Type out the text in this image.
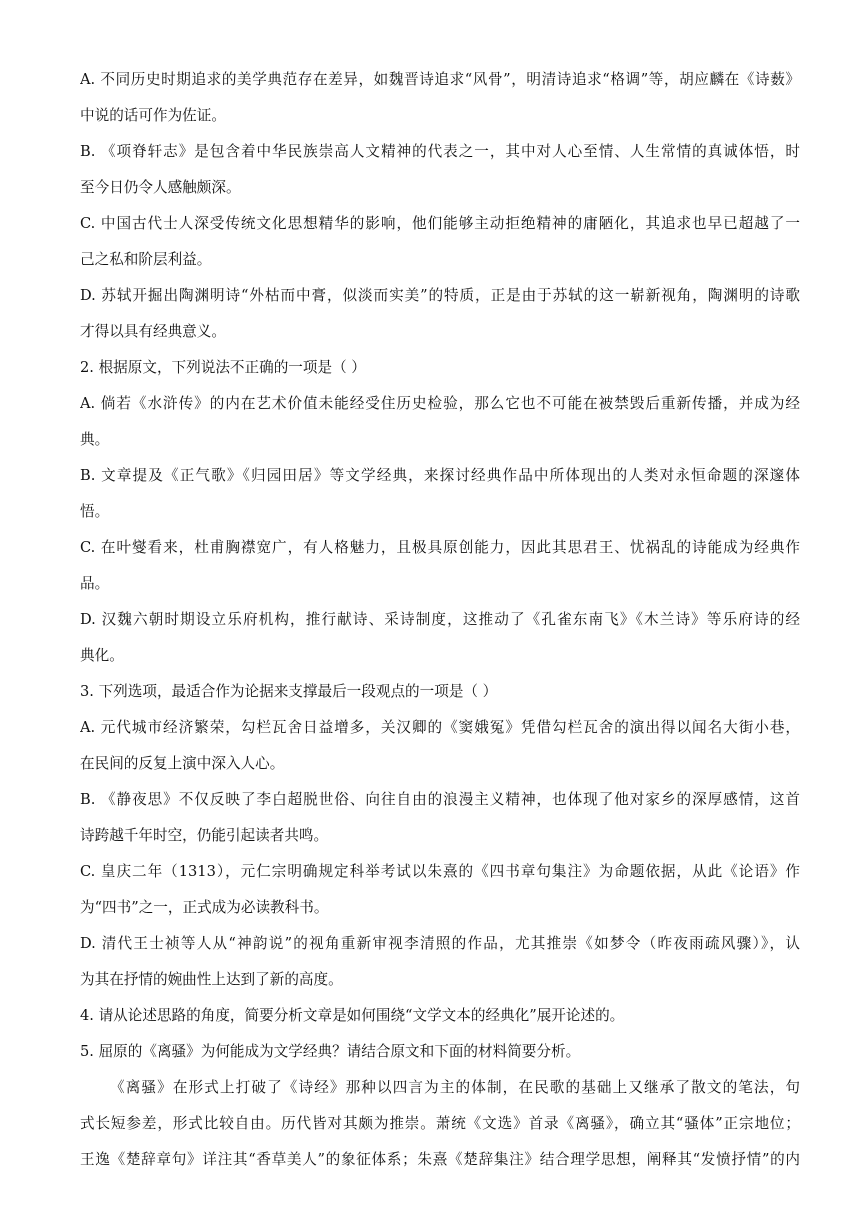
A. 不同历史时期追求的美学典范存在差异，如魏晋诗追求“风骨”，明清诗追求“格调”等，胡应麟在《诗薮》
中说的话可作为佐证。
B. 《项脊轩志》是包含着中华民族崇高人文精神的代表之一，其中对人心至情、人生常情的真诚体悟，时
至今日仍令人感触颇深。
C. 中国古代士人深受传统文化思想精华的影响，他们能够主动拒绝精神的庸陋化，其追求也早已超越了一
己之私和阶层利益。
D. 苏轼开掘出陶渊明诗“外枯而中膏，似淡而实美”的特质，正是由于苏轼的这一崭新视角，陶渊明的诗歌
才得以具有经典意义。
2. 根据原文，下列说法不正确的一项是（ ）
A. 倘若《水浒传》的内在艺术价值未能经受住历史检验，那么它也不可能在被禁毁后重新传播，并成为经
典。
B. 文章提及《正气歌》《归园田居》等文学经典，来探讨经典作品中所体现出的人类对永恒命题的深邃体
悟。
C. 在叶燮看来，杜甫胸襟宽广，有人格魅力，且极具原创能力，因此其思君王、忧祸乱的诗能成为经典作
品。
D. 汉魏六朝时期设立乐府机构，推行献诗、采诗制度，这推动了《孔雀东南飞》《木兰诗》等乐府诗的经
典化。
3. 下列选项，最适合作为论据来支撑最后一段观点的一项是（ ）
A. 元代城市经济繁荣，勾栏瓦舍日益增多，关汉卿的《窦娥冤》凭借勾栏瓦舍的演出得以闻名大街小巷，
在民间的反复上演中深入人心。
B. 《静夜思》不仅反映了李白超脱世俗、向往自由的浪漫主义精神，也体现了他对家乡的深厚感情，这首
诗跨越千年时空，仍能引起读者共鸣。
C. 皇庆二年（1313），元仁宗明确规定科举考试以朱熹的《四书章句集注》为命题依据，从此《论语》作
为“四书”之一，正式成为必读教科书。
D. 清代王士祯等人从“神韵说”的视角重新审视李清照的作品，尤其推崇《如梦令（昨夜雨疏风骤）》，认
为其在抒情的婉曲性上达到了新的高度。
4. 请从论述思路的角度，简要分析文章是如何围绕“文学文本的经典化”展开论述的。
5. 屈原的《离骚》为何能成为文学经典？请结合原文和下面的材料简要分析。
《离骚》在形式上打破了《诗经》那种以四言为主的体制，在民歌的基础上又继承了散文的笔法，句
式长短参差，形式比较自由。历代皆对其颇为推崇。萧统《文选》首录《离骚》，确立其“骚体”正宗地位；
王逸《楚辞章句》详注其“香草美人”的象征体系；朱熹《楚辞集注》结合理学思想，阐释其“发愤抒情”的内
